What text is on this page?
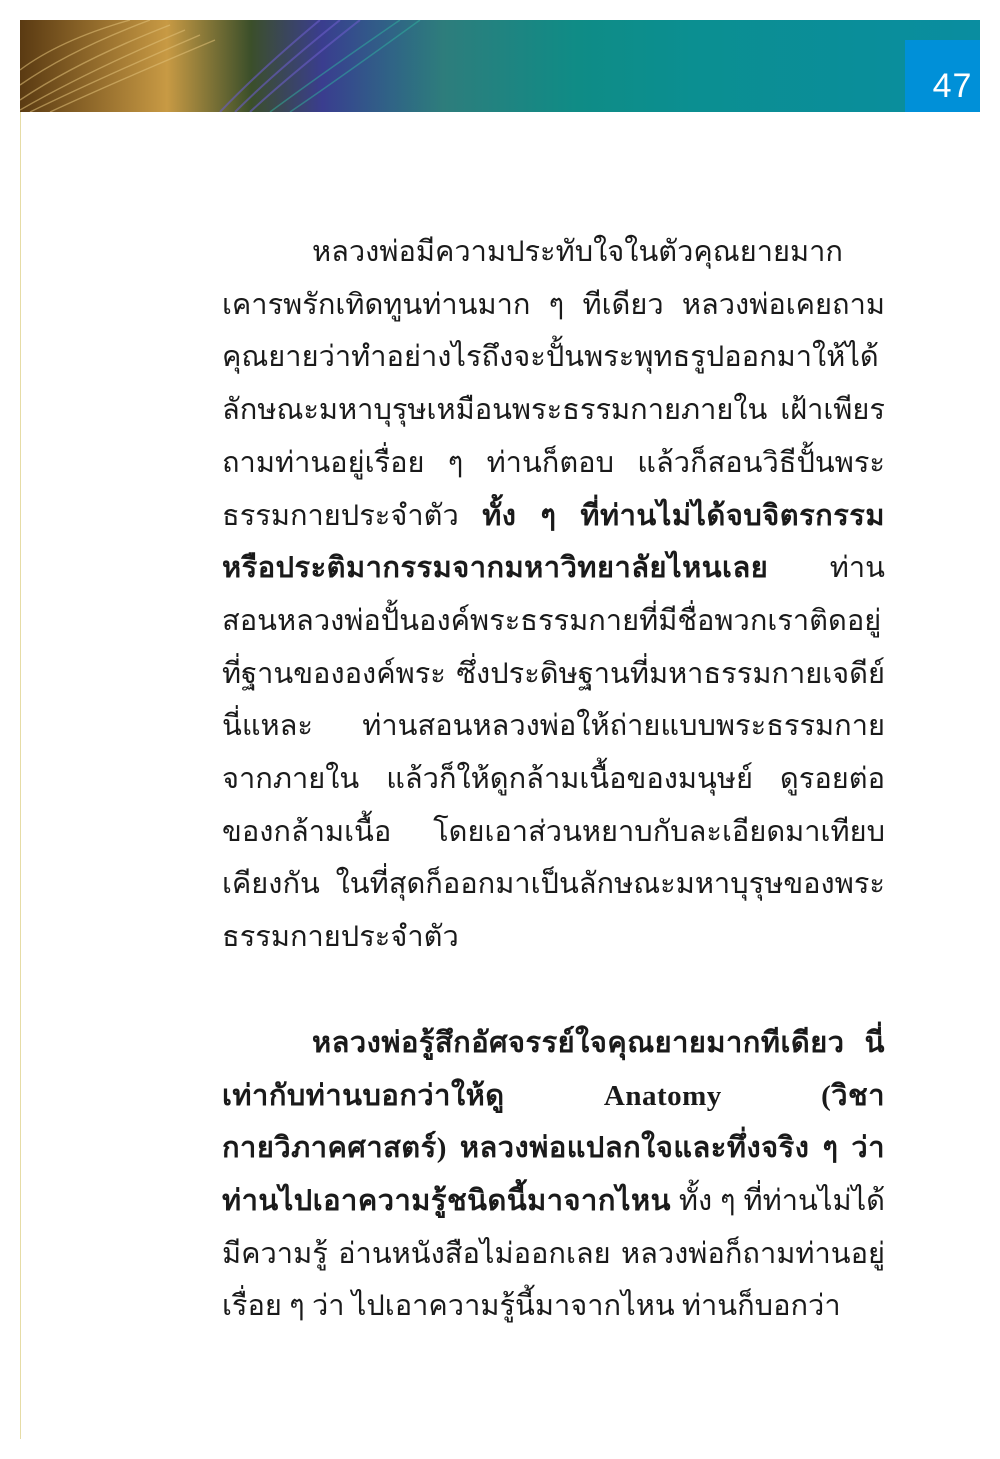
47

หลวงพ่อมีความประทับใจในตัวคุณยายมาก เคารพรักเทิดทูนท่านมาก ๆ ทีเดียว หลวงพ่อเคยถามคุณยายว่าทำอย่างไรถึงจะปั้นพระพุทธรูปออกมาให้ได้ลักษณะมหาบุรุษเหมือนพระธรรมกายภายใน เฝ้าเพียรถามท่านอยู่เรื่อย ๆ ท่านก็ตอบ แล้วก็สอนวิธีปั้นพระธรรมกายประจำตัว ทั้ง ๆ ที่ท่านไม่ได้จบจิตรกรรมหรือประติมากรรมจากมหาวิทยาลัยไหนเลย ท่านสอนหลวงพ่อปั้นองค์พระธรรมกายที่มีชื่อพวกเราติดอยู่ที่ฐานขององค์พระ ซึ่งประดิษฐานที่มหาธรรมกายเจดีย์นี่แหละ ท่านสอนหลวงพ่อให้ถ่ายแบบพระธรรมกายจากภายใน แล้วก็ให้ดูกล้ามเนื้อของมนุษย์ ดูรอยต่อของกล้ามเนื้อ โดยเอาส่วนหยาบกับละเอียดมาเทียบเคียงกัน ในที่สุดก็ออกมาเป็นลักษณะมหาบุรุษของพระธรรมกายประจำตัว

หลวงพ่อรู้สึกอัศจรรย์ใจคุณยายมากทีเดียว นี่เท่ากับท่านบอกว่าให้ดู Anatomy (วิชากายวิภาคศาสตร์) หลวงพ่อแปลกใจและทึ่งจริง ๆ ว่า ท่านไปเอาความรู้ชนิดนี้มาจากไหน ทั้ง ๆ ที่ท่านไม่ได้มีความรู้ อ่านหนังสือไม่ออกเลย หลวงพ่อก็ถามท่านอยู่เรื่อย ๆ ว่า ไปเอาความรู้นี้มาจากไหน ท่านก็บอกว่า
